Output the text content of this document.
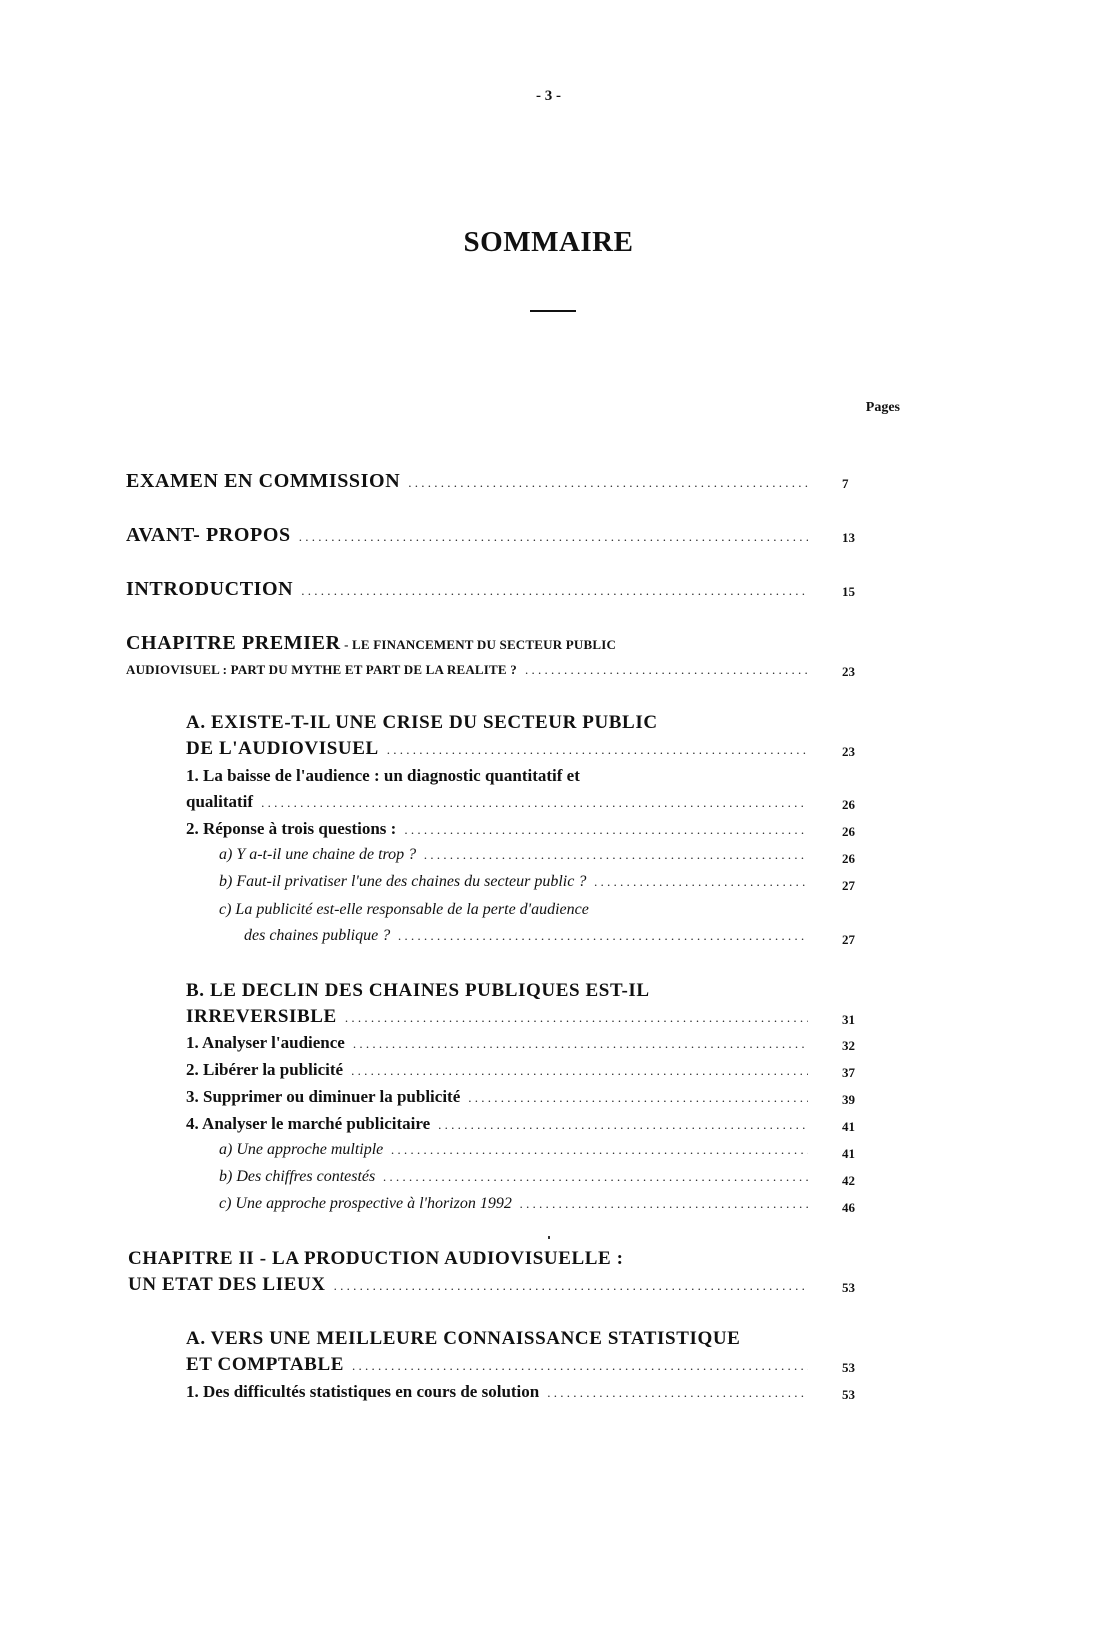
- 3 -
SOMMAIRE
Pages
EXAMEN EN COMMISSION . . .	7
AVANT- PROPOS . . .	13
INTRODUCTION . . .	15
CHAPITRE PREMIER - LE FINANCEMENT DU SECTEUR PUBLIC
AUDIOVISUEL : PART DU MYTHE ET PART DE LA REALITE ? . . .	23
A. EXISTE-T-IL UNE CRISE DU SECTEUR PUBLIC
DE L'AUDIOVISUEL . . .	23
1. La baisse de l'audience : un diagnostic quantitatif et
qualitatif . . .	26
2. Réponse à trois questions : . . .	26
a) Y a-t-il une chaine de trop ? . . .	26
b) Faut-il privatiser l'une des chaines du secteur public ? . . .	27
c) La publicité est-elle responsable de la perte d'audience
des chaines publique ? . . .	27
B. LE DECLIN DES CHAINES PUBLIQUES EST-IL
IRREVERSIBLE . . .	31
1. Analyser l'audience . . .	32
2. Libérer la publicité . . .	37
3. Supprimer ou diminuer la publicité . . .	39
4. Analyser le marché publicitaire . . .	41
a) Une approche multiple . . .	41
b) Des chiffres contestés . . .	42
c) Une approche prospective à l'horizon 1992 . . .	46
CHAPITRE II - LA PRODUCTION AUDIOVISUELLE :
UN ETAT DES LIEUX . . .	53
A. VERS UNE MEILLEURE CONNAISSANCE STATISTIQUE
ET COMPTABLE . . .	53
1. Des difficultés statistiques en cours de solution . . .	53
